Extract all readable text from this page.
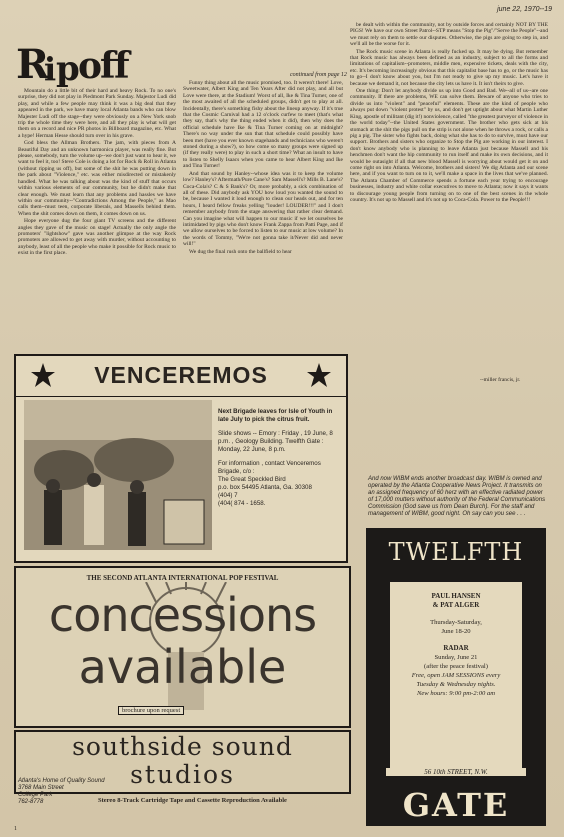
june 22, 1970--19
R
i p
o
ff	continued from page 12

Mountain do a little bit of their hard and heavy Rock. To no one's surprise, they did not play in Piedmont Park Sunday. Majestor Ludi did play, and while a few people may think it was a big deal that they appeared in the park, we have many local Atlanta bands who can blow Majester Ludi off the stage--they were obviously on a New York snob trip the whole time they were here, and all they play is what will get them on a record and nice PR photos in Billboard magazine, etc. What a hype! Herman Hesse should turn over in his grave.

God bless the Allman Brothers. The jam, with pieces from A Beautiful Day and an unknown harmonica player, was really fine. But please, somebody, turn the volume up--we don't just want to hear it, we want to feel it, too! Steve Cole is doing a lot for Rock & Roll in Atlanta (without ripping us off), but some of the shit he was putting down in the park about "Violence," etc. was either misdirected or mistakenly handled. What he was talking about was the kind of stuff that occurs within various elements of our community, but he didn't make that clear enough. We must learn that any problems and hassles we have within our community--"Contradictions Among the People," as Mao calls them--must teen, corporate liberals, and Massells behind them. When the shit comes down on them, it comes down on us.

Hope everyone dug the four giant TV screens and the different angles they gave of the music on stage! Actually the only angle the promoters' "lightshow" gave was another glimpse at the way Rock promoters are allowed to get away with murder, without accounting to anybody, least of all the people who make it possible for Rock music to exist in the first place.

Funny thing about all the music promised, too. It weren't there! Love, Sweetwater, Albert King and Ten Years After did not play, and all but Love were there, at the Stadium! Worst of all, Ike & Tina Turner, one of the most awaited of all the scheduled groups, didn't get to play at all. Incidentally, there's something fishy about the lineup anyway. If it's true that the Cosmic Carnival had a 12 o'clock curfew to meet (that's what they say, that's why the thing ended when it did), then why does the official schedule have Ike & Tina Turner coming on at midnight? There's no way under the sun that that schedule could possibly have been met (have you ever known stagehands and technicians who weren't stoned during a show?), so how come so many groups were signed up (if they really were) to play in such a short time? What an insult to have to listen to Shelly Isaacs when you came to hear Albert King and Ike and Tina Turner!

And that sound by Hanley--whose idea was it to keep the volume low? Hanley's? Aftermath/Pure Cane's? Sam Massell's? Mills B. Lane's? Coca-Cola's? C & S Bank's? Or, more probably, a sick combination of all of these. Did anybody ask YOU how loud you wanted the sound to be, because I wanted it loud enough to clean our heads out, and for ten hours, I heard fellow freaks yelling "louder! LOUDER!!!" and I don't remember anybody from the stage answering that rather clear demand. Can you imagine what will happen to our music if we let ourselves be intimidated by pigs who don't know Frank Zappa from Patti Page, and if we allow ourselves to be forced to listen to our music at low volume? In the words of Tommy, "We're not gonna take it/Never did and never will!"

We dug the final rush onto the ballfield to hear

be dealt with within the community, not by outside forces and certainly NOT BY THE PIGS! We have our own Street Patrol--STP means "Stop the Pig"/"Serve the People"--and we must rely on them to settle our disputes. Otherwise, the pigs are going to step in, and we'll all be the worse for it.

The Rock music scene in Atlanta is really fucked up. It may be dying. But remember that Rock music has always been defined as an industry, subject to all the forms and limitations of capitalism--promoters, middle men, expensive tickets, deals with the city, etc. It's becoming increasingly obvious that this capitalist base has to go, or the music has to go--I don't know about you, but I'm not ready to give up my music. Let's have it because we demand it, not because the city lets us have it. It isn't theirs to give.

One thing: Don't let anybody divide us up into Good and Bad. We--all of us--are one community. If there are problems, WE can solve them. Beware of anyone who tries to divide us into "violent" and "peaceful" elements. These are the kind of people who always put down "violent protest" by us, and don't get uptight about what Martin Luther King, apostle of militant (dig it!) nonviolence, called "the greatest purveyor of violence in the world today"--the United States government. The brother who gets sick at his stomach at the shit the pigs pull on the strip is not alone when he throws a rock, or calls a pig a pig. The sister who fights back, doing what she has to do to survive, must have our support. Brothers and sisters who organize to Stop the Pig are working in our interest. I don't know anybody who is planning to leave Atlanta just because Massell and his henchmen don't want the hip community to run itself and make its own decisions, and it would be outasight if all that new blood Massell is worrying about would get it on and come right on into Atlanta. Welcome, brothers and sisters! We dig Atlanta and our scene here, and if you want to turn on to it, we'll make a space in the lives that we've planned. The Atlanta Chamber of Commerce spends a fortune each year trying to encourage businesses, industry and white collar executives to move to Atlanta; now it says it wants to discourage young people from turning on to one of the best scenes in the whole country. It's not up to Massell and it's not up to Coca-Cola. Power to the People!!!

--miller francis, jr.
VENCEREMOS
Next Brigade leaves for Isle of Youth in late July to pick the citrus fruit.
Slide shows -- Emory : Friday , 19 June, 8 p.m. , Geology Building. Twelfth Gate : Monday, 22 June, 8 p.m.
For information , contact Venceremos Brigade, c/o :
The Great Speckled Bird
p.o. box 54495 Atlanta, Ga. 30308
(404) 7
(404( 874 - 1658.
THE SECOND ATLANTA INTERNATIONAL POP FESTIVAL
concessions
available
brochure upon request
southside sound
studios
Atlanta's Home of Quality Sound
3768 Main Street
College Park
762-8778	Stereo 8-Track Cartridge Tape and Cassette Reproduction Available
And now WIBM ends another broadcast day. WIBM is owned and operated by the Atlanta Cooperative News Project. It transmits on an assigned frequency of 60 herz with an effective radiated power of 17,000 mutters without authority of the Federal Communications Commission (God save us from Dean Burch). For the staff and management of WIBM, good night. Oh say can you see . . .
TWELFTH
PAUL HANSEN
& PAT ALGER
Thursday-Saturday,
June 18-20
RADAR
Sunday, June 21
(after the peace festival)
Free, open JAM SESSIONS every
Tuesday & Wednesday nights.
New hours: 9:00 pm-2:00 am
56 10th STREET, N.W.
GATE
1
